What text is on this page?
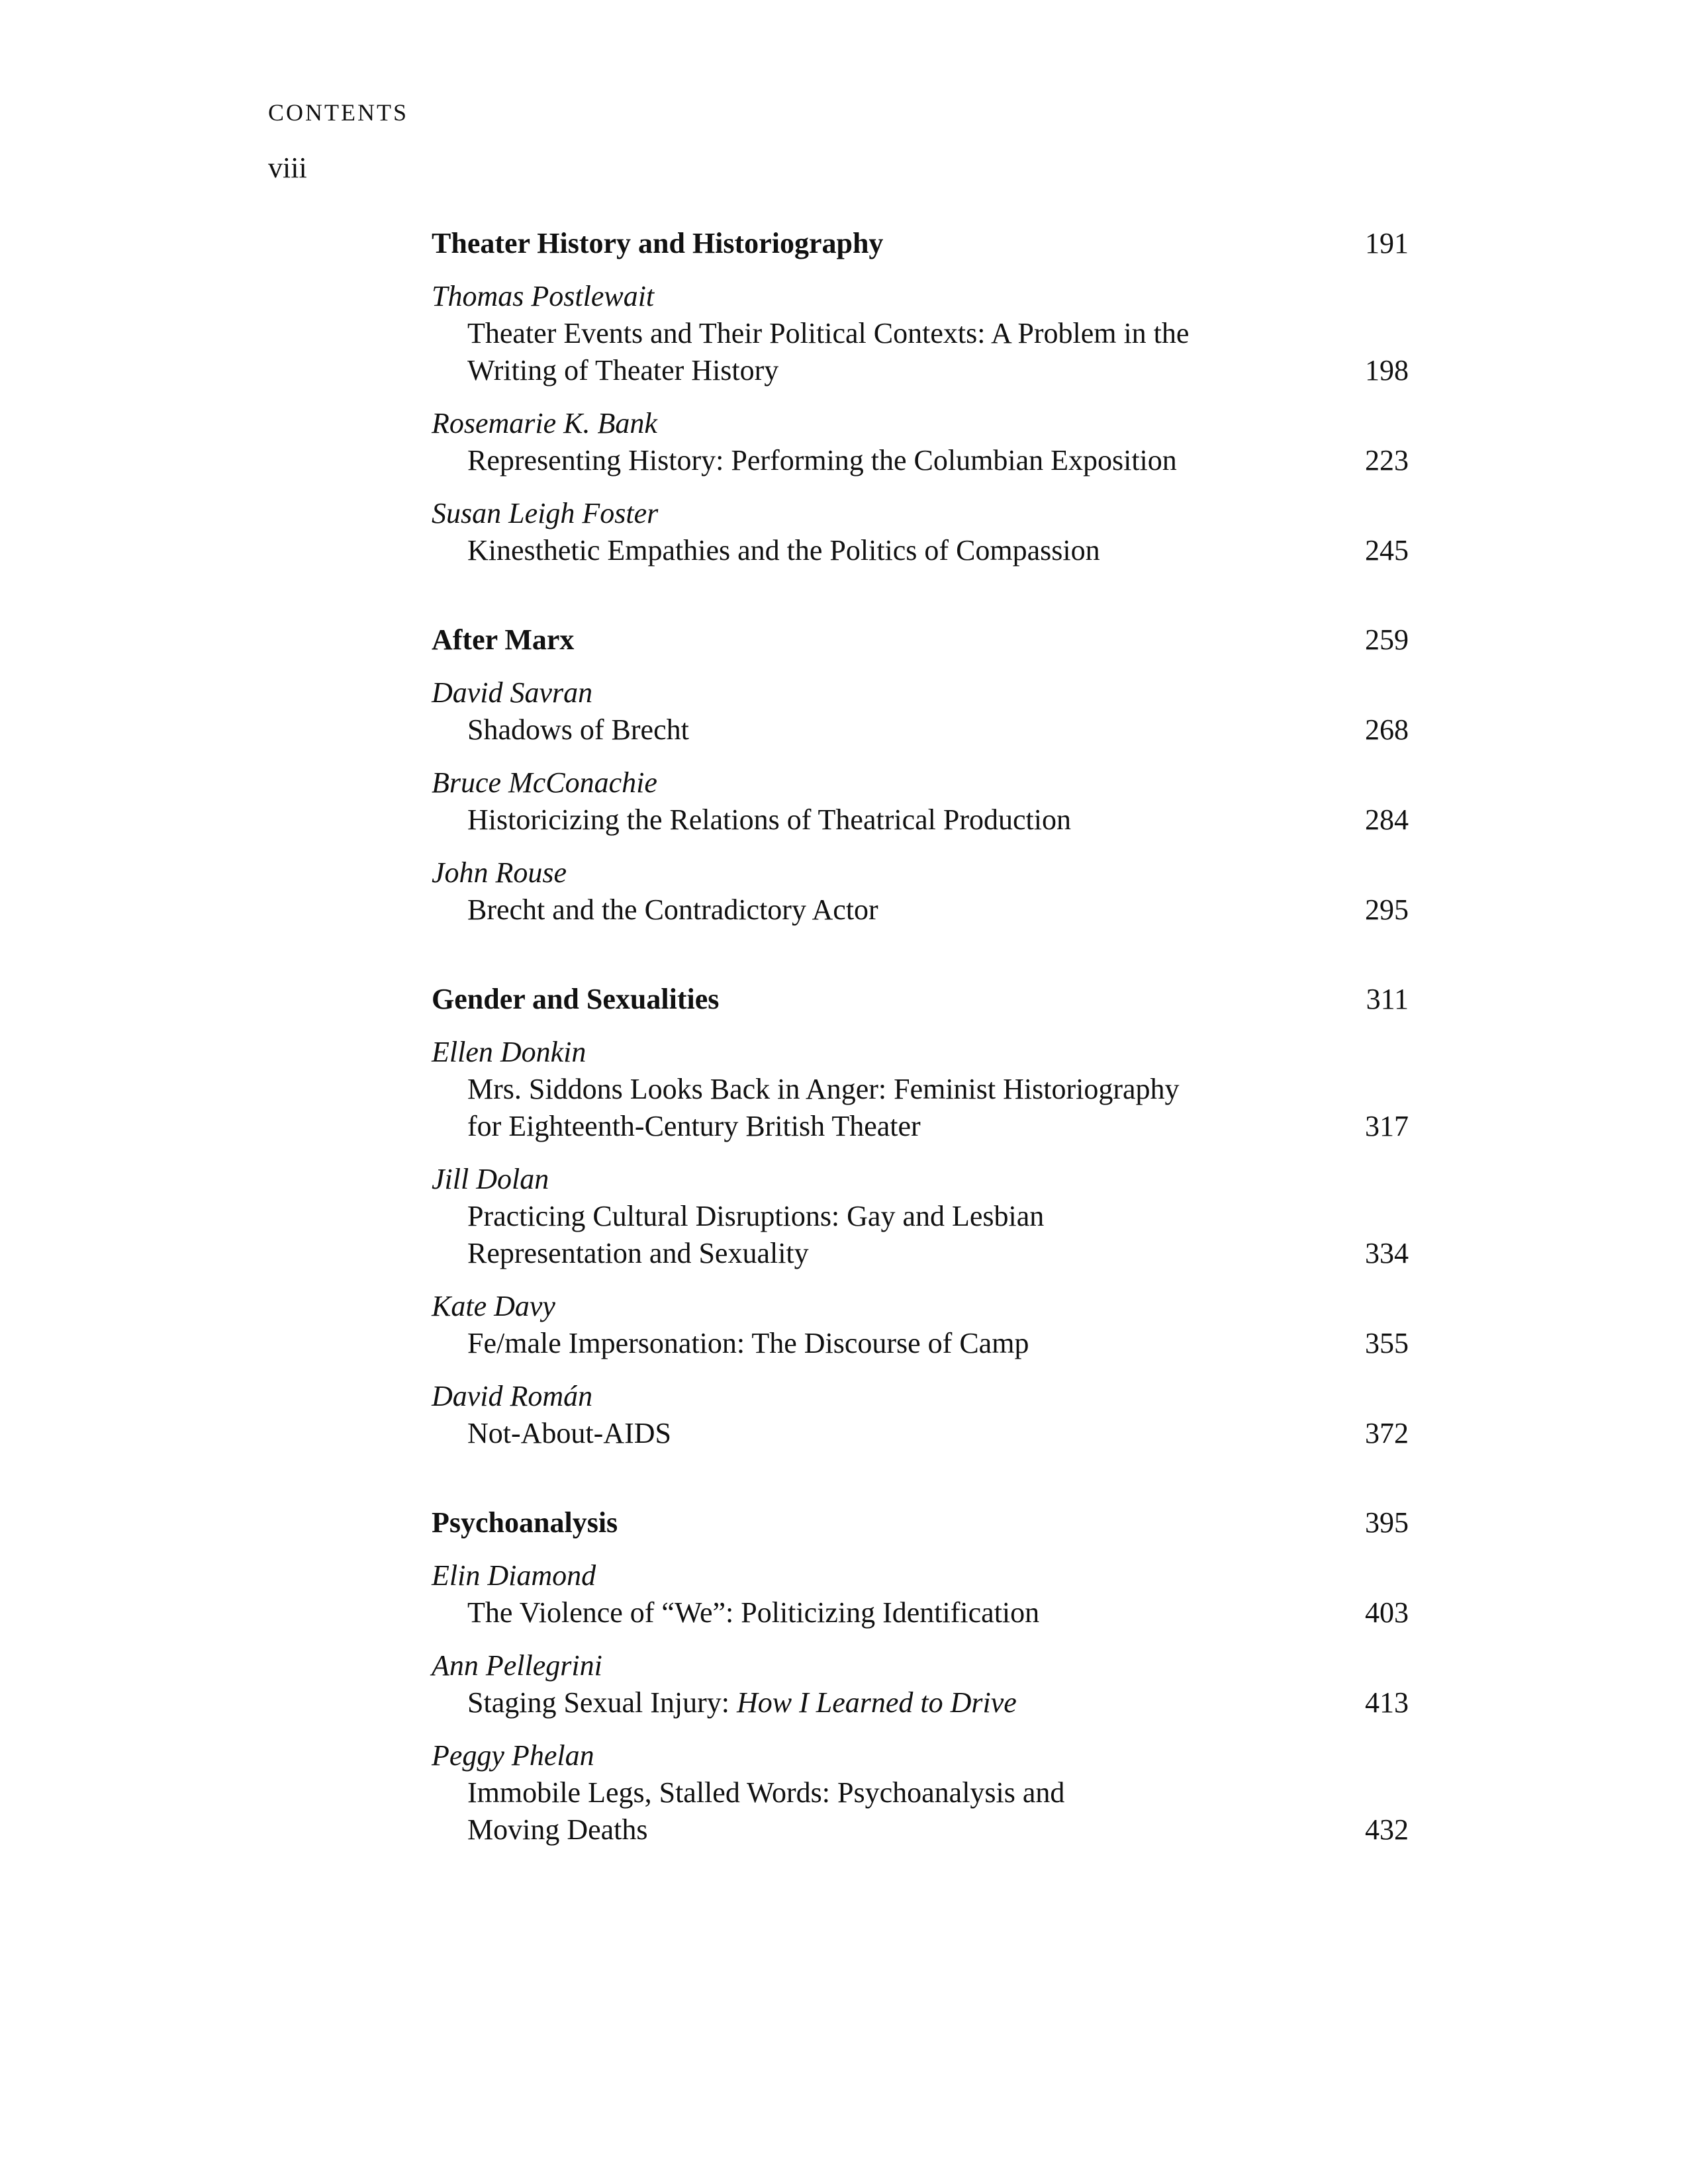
CONTENTS
viii
Theater History and Historiography	191
Thomas Postlewait
Theater Events and Their Political Contexts: A Problem in the
Writing of Theater History	198
Rosemarie K. Bank
Representing History: Performing the Columbian Exposition	223
Susan Leigh Foster
Kinesthetic Empathies and the Politics of Compassion	245
After Marx	259
David Savran
Shadows of Brecht	268
Bruce McConachie
Historicizing the Relations of Theatrical Production	284
John Rouse
Brecht and the Contradictory Actor	295
Gender and Sexualities	311
Ellen Donkin
Mrs. Siddons Looks Back in Anger: Feminist Historiography
for Eighteenth-Century British Theater	317
Jill Dolan
Practicing Cultural Disruptions: Gay and Lesbian
Representation and Sexuality	334
Kate Davy
Fe/male Impersonation: The Discourse of Camp	355
David Román
Not-About-AIDS	372
Psychoanalysis	395
Elin Diamond
The Violence of “We”: Politicizing Identification	403
Ann Pellegrini
Staging Sexual Injury: How I Learned to Drive	413
Peggy Phelan
Immobile Legs, Stalled Words: Psychoanalysis and
Moving Deaths	432
